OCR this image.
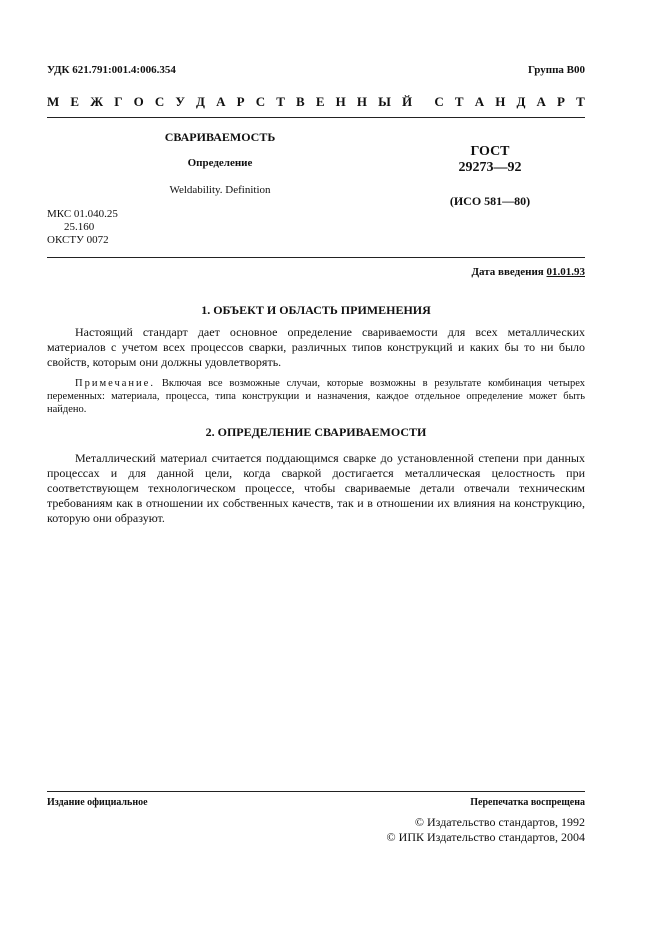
УДК 621.791:001.4:006.354	Группа В00
М Е Ж Г О С У Д А Р С Т В Е Н Н Ы Й С Т А Н Д А Р Т
СВАРИВАЕМОСТЬ
Определение
Weldability. Definition
ГОСТ
29273—92
(ИСО 581—80)
МКС 01.040.25
25.160
ОКСТУ 0072
Дата введения 01.01.93
1. ОБЪЕКТ И ОБЛАСТЬ ПРИМЕНЕНИЯ
Настоящий стандарт дает основное определение свариваемости для всех металлических материалов с учетом всех процессов сварки, различных типов конструкций и каких бы то ни было свойств, которым они должны удовлетворять.
Примечание. Включая все возможные случаи, которые возможны в результате комбинация четырех переменных: материала, процесса, типа конструкции и назначения, каждое отдельное определение может быть найдено.
2. ОПРЕДЕЛЕНИЕ СВАРИВАЕМОСТИ
Металлический материал считается поддающимся сварке до установленной степени при данных процессах и для данной цели, когда сваркой достигается металлическая целостность при соответствующем технологическом процессе, чтобы свариваемые детали отвечали техническим требованиям как в отношении их собственных качеств, так и в отношении их влияния на конструкцию, которую они образуют.
Издание официальное	Перепечатка воспрещена
© Издательство стандартов, 1992
© ИПК Издательство стандартов, 2004
